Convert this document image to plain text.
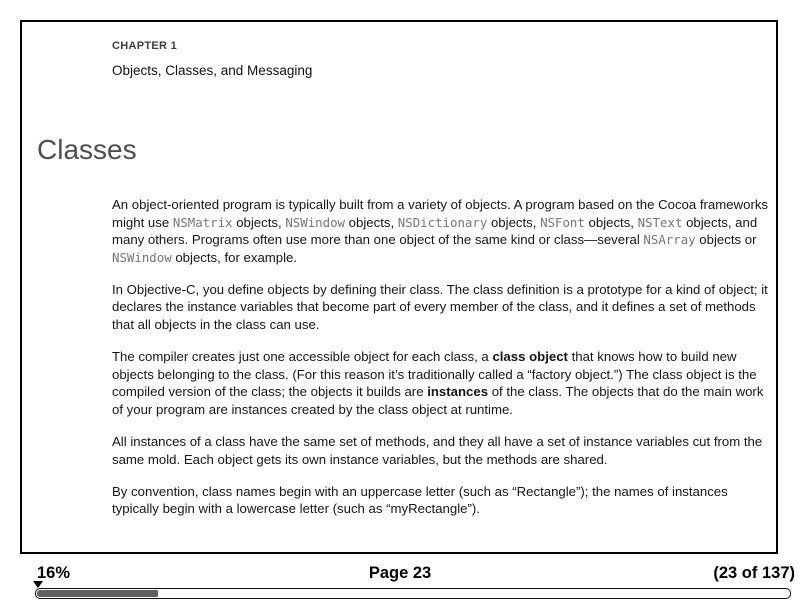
CHAPTER 1
Objects, Classes, and Messaging
Classes

An object-oriented program is typically built from a variety of objects. A program based on the Cocoa frameworks might use NSMatrix objects, NSWindow objects, NSDictionary objects, NSFont objects, NSText objects, and many others. Programs often use more than one object of the same kind or class—several NSArray objects or NSWindow objects, for example.

In Objective-C, you define objects by defining their class. The class definition is a prototype for a kind of object; it declares the instance variables that become part of every member of the class, and it defines a set of methods that all objects in the class can use.

The compiler creates just one accessible object for each class, a class object that knows how to build new objects belonging to the class. (For this reason it’s traditionally called a “factory object.”) The class object is the compiled version of the class; the objects it builds are instances of the class. The objects that do the main work of your program are instances created by the class object at runtime.

All instances of a class have the same set of methods, and they all have a set of instance variables cut from the same mold. Each object gets its own instance variables, but the methods are shared.

By convention, class names begin with an uppercase letter (such as “Rectangle”); the names of instances typically begin with a lowercase letter (such as “myRectangle”).

16%	Page 23	(23 of 137)
